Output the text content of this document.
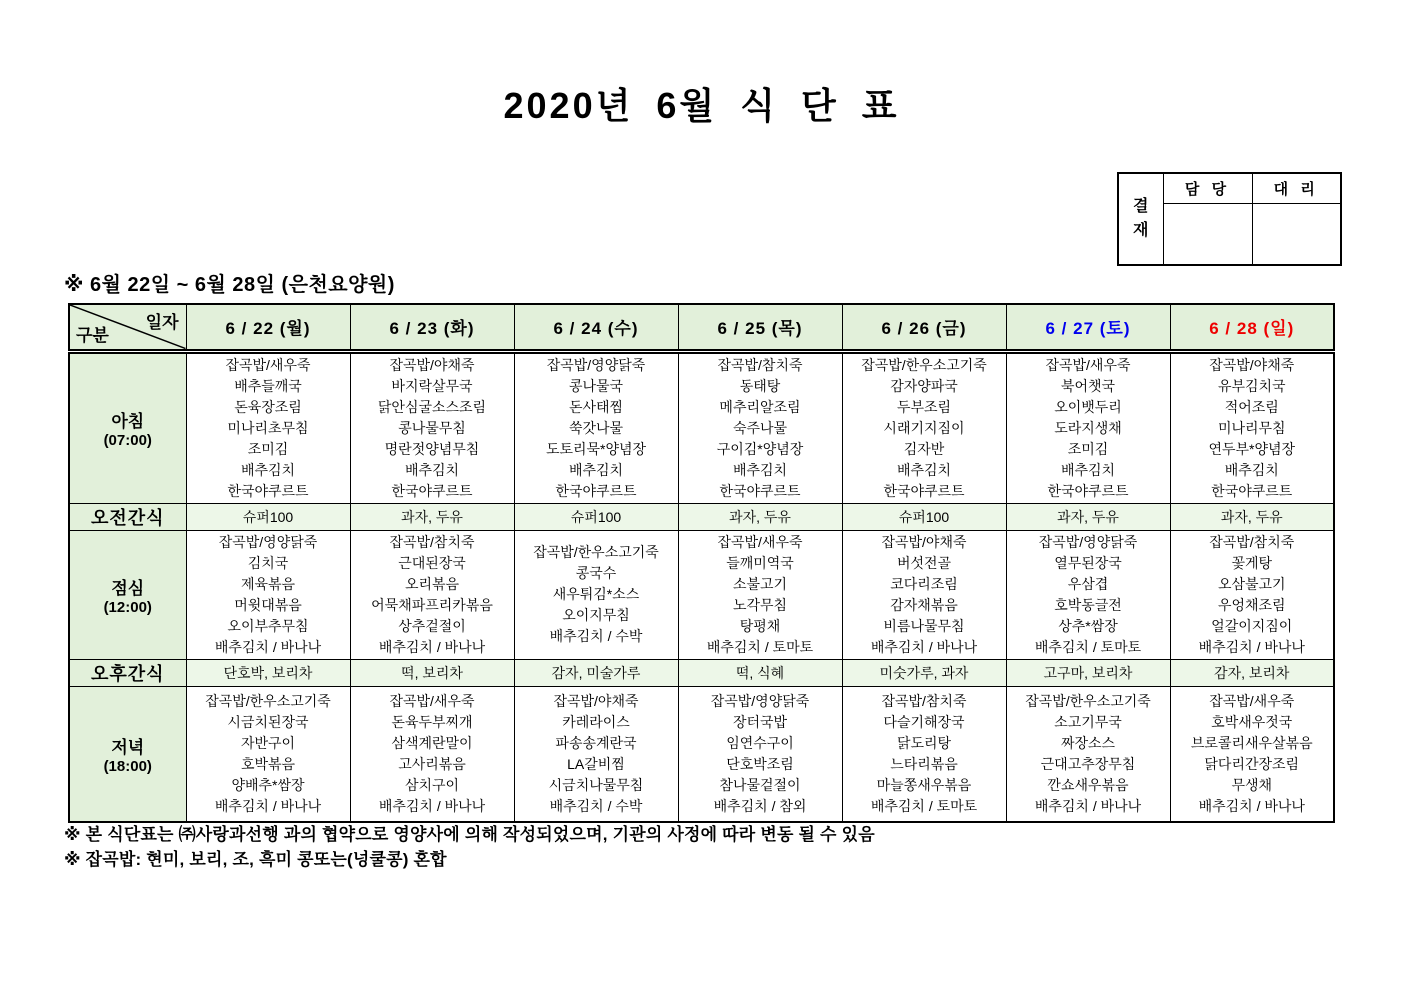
2020년 6월 식 단 표
결
재	담 당	대 리

※ 6월 22일 ~ 6월 28일 (은천요양원)
일자
구분	6 / 22 (월)	6 / 23 (화)	6 / 24 (수)	6 / 25 (목)	6 / 26 (금)	6 / 27 (토)	6 / 28 (일)

아침
(07:00)

잡곡밥/새우죽
배추들깨국
돈육장조림
미나리초무침
조미김
배추김치
한국야쿠르트

잡곡밥/야채죽
바지락살무국
닭안심굴소스조림
콩나물무침
명란젓양념무침
배추김치
한국야쿠르트

잡곡밥/영양닭죽
콩나물국
돈사태찜
쑥갓나물
도토리묵*양념장
배추김치
한국야쿠르트

잡곡밥/참치죽
동태탕
메추리알조림
숙주나물
구이김*양념장
배추김치
한국야쿠르트

잡곡밥/한우소고기죽
감자양파국
두부조림
시래기지짐이
김자반
배추김치
한국야쿠르트

잡곡밥/새우죽
북어챗국
오이뱃두리
도라지생채
조미김
배추김치
한국야쿠르트

잡곡밥/야채죽
유부김치국
적어조림
미나리무침
연두부*양념장
배추김치
한국야쿠르트

오전간식	슈퍼100	과자, 두유	슈퍼100	과자, 두유	슈퍼100	과자, 두유	과자, 두유

점심
(12:00)

잡곡밥/영양닭죽
김치국
제육볶음
머윗대볶음
오이부추무침
배추김치 / 바나나

잡곡밥/참치죽
근대된장국
오리볶음
어묵채파프리카볶음
상추겉절이
배추김치 / 바나나

잡곡밥/한우소고기죽
콩국수
새우튀김*소스
오이지무침
배추김치 / 수박

잡곡밥/새우죽
들깨미역국
소불고기
노각무침
탕평채
배추김치 / 토마토

잡곡밥/야채죽
버섯전골
코다리조림
감자채볶음
비름나물무침
배추김치 / 바나나

잡곡밥/영양닭죽
열무된장국
우삼겹
호박동글전
상추*쌈장
배추김치 / 토마토

잡곡밥/참치죽
꽃게탕
오삼불고기
우엉채조림
얼갈이지짐이
배추김치 / 바나나

오후간식	단호박, 보리차	떡, 보리차	감자, 미술가루	떡, 식혜	미숫가루, 과자	고구마, 보리차	감자, 보리차

저녁
(18:00)

잡곡밥/한우소고기죽
시금치된장국
자반구이
호박볶음
양배추*쌈장
배추김치 / 바나나

잡곡밥/새우죽
돈육두부찌개
삼색계란말이
고사리볶음
삼치구이
배추김치 / 바나나

잡곡밥/야채죽
카레라이스
파송송계란국
LA갈비찜
시금치나물무침
배추김치 / 수박

잡곡밥/영양닭죽
장터국밥
임연수구이
단호박조림
참나물겉절이
배추김치 / 참외

잡곡밥/참치죽
다슬기해장국
닭도리탕
느타리볶음
마늘쫑새우볶음
배추김치 / 토마토

잡곡밥/한우소고기죽
소고기무국
짜장소스
근대고추장무침
깐쇼새우볶음
배추김치 / 바나나

잡곡밥/새우죽
호박새우젓국
브로콜리새우살볶음
닭다리간장조림
무생채
배추김치 / 바나나
※ 본 식단표는 ㈜사랑과선행 과의 협약으로 영양사에 의해 작성되었으며, 기관의 사정에 따라 변동 될 수 있음
※ 잡곡밥: 현미, 보리, 조, 흑미 콩또는(넝쿨콩) 혼합
